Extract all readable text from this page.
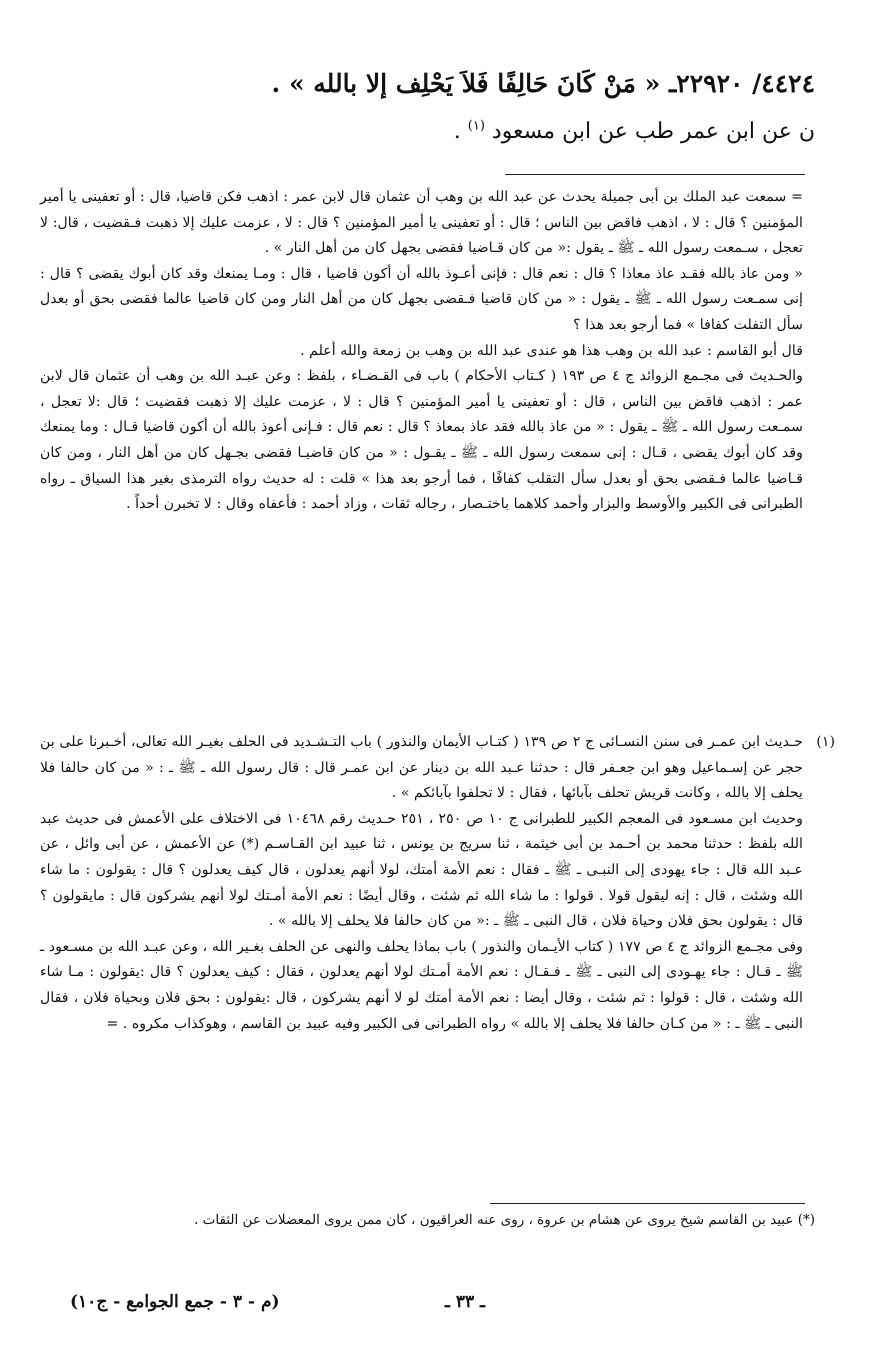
٤٤٢٤/ ٢٢٩٢٠ـ « مَنْ كَانَ حَالِفًا فَلاَ يَحْلِف إلا بالله » .
ن عن ابن عمر طب عن ابن مسعود $^{(١)}$ .

= سمعت عبد الملك بن أبى جميلة يحدث عن عبد الله بن وهب أن عثمان قال لابن عمر : اذهب فكن قاضيا، قال : أو تعفينى يا أمير المؤمنين ؟ قال : لا ، اذهب فاقض بين الناس ؛ قال : أو تعفينى يا أمير المؤمنين ؟ قال : لا ، عزمت عليك إلا ذهبت فـقضيت ، قال: لا تعجل ، سـمعت رسول الله ـ ﷺ ـ يقول :« من كان قـاضيا فقضى بجهل كان من أهل النار » .

« ومن عاذ بالله فقـد عاذ معاذا ؟ قال : نعم قال : فإنى أعـوذ بالله أن أكون قاضيا ، قال : ومـا يمنعك وقد كان أبوك يقضى ؟ قال : إنى سمـعت رسول الله ـ ﷺ ـ يقول : « من كان قاضيا فـقضى بجهل كان من أهل النار ومن كان قاضيا عالما فقضى بحق أو بعدل سأل التفلت كفافا » فما أرجو بعد هذا ؟

قال أبو القاسم : عبد الله بن وهب هذا هو عندى عبد الله بن وهب بن زمعة والله أعلم .

والحـديث فى مجـمع الزوائد ج ٤ ص ١٩٣ ( كـتاب الأحكام ) باب فى القـضـاء ، بلفظ : وعن عبـد الله بن وهب أن عثمان قال لابن عمر : اذهب فاقض بين الناس ، قال : أو تعفينى يا أمير المؤمنين ؟ قال : لا ، عزمت عليك إلا ذهبت فقضيت ؛ قال :لا تعجل ، سمـعت رسول الله ـ ﷺ ـ يقول : « من عاذ بالله فقد عاذ بمعاذ ؟ قال : نعم قال : فـإنى أعوذ بالله أن أكون قاضيا قـال : وما يمنعك وقد كان أبوك يقضى ، قـال : إنى سمعت رسول الله ـ ﷺ ـ يقـول : « من كان قاضيـا فقضى بجـهل كان من أهل النار ، ومن كان قـاضيا عالما فـقضى بحق أو بعدل سأل التقلب كفافًا ، فما أرجو بعد هذا » قلت : له حديث رواه الترمذى بغير هذا السياق ـ رواه الطبرانى فى الكبير والأوسط والبزار وأحمد كلاهما باختـصار ، رجاله ثقات ، وزاد أحمد : فأعفاه وقال : لا تخبرن أحداً .

(١)

حـديث ابن عمـر فى سنن النسـائى ج ٢ ص ١٣٩ ( كتـاب الأيمان والنذور ) باب التـشـديد فى الحلف بغيـر الله تعالى، أخـبرنا على بن حجر عن إسـماعيل وهو ابن جعـفر قال : حدثنا عـبد الله بن دينار عن ابن عمـر قال : قال رسول الله ـ ﷺ ـ : « من كان حالفا فلا يحلف إلا بالله ، وكانت قريش تحلف بآبائها ، فقال : لا تحلفوا بآبائكم » .

وحديث ابن مسـعود فى المعجم الكبير للطبرانى ج ١٠ ص ٢٥٠ ، ٢٥١ حـديث رقم ١٠٤٦٨ فى الاختلاف على الأعمش فى حديث عبد الله بلفظ : حدثنا محمد بن أحـمد بن أبى خيثمة ، ثنا سريج بن يونس ، ثنا عبيد ابن القـاسـم (*) عن الأعمش ، عن أبى وائل ، عن عـبد الله قال : جاء يهودى إلى النبـى ـ ﷺ ـ فقال : نعم الأمة أمتك، لولا أنهم يعدلون ، قال كيف يعدلون ؟ قال : يقولون : ما شاء الله وشئت ، قال : إنه ليقول قولا . قولوا : ما شاء الله ثم شئت ، وقال أيضًا : نعم الأمة أمـتك لولا أنهم يشركون قال : مايقولون ؟ قال : يقولون بحق فلان وحياة فلان ، قال النبى ـ ﷺ ـ :« من كان حالفا فلا يحلف إلا بالله » .

وفى مجـمع الزوائد ج ٤ ص ١٧٧ ( كتاب الأيـمان والنذور ) باب بماذا يحلف والنهى عن الحلف بغـير الله ، وعن عبـد الله بن مسـعود ـ ﷺ ـ قـال : جاء يهـودى إلى النبى ـ ﷺ ـ فـقـال : نعم الأمة أمـتك لولا أنهم يعدلون ، فقال : كيف يعدلون ؟ قال :يقولون : مـا شاء الله وشئت ، قال : قولوا : ثم شئت ، وقال أيضا : نعم الأمة أمتك لو لا أنهم يشركون ، قال :يقولون : بحق فلان وبحياة فلان ، فقال النبى ـ ﷺ ـ : « من كـان حالفا فلا يحلف إلا بالله » رواه الطبرانى فى الكبير وفيه عبيد بن القاسم ، وهوكذاب مكروه . =

(*) عبيد بن القاسم شيخ يروى عن هشام بن عروة ، روى عنه العراقيون ، كان ممن يروى المعضلات عن الثقات .
ـ ٣٣ ـ
(م - ٣ - جمع الجوامع - ج١٠)
